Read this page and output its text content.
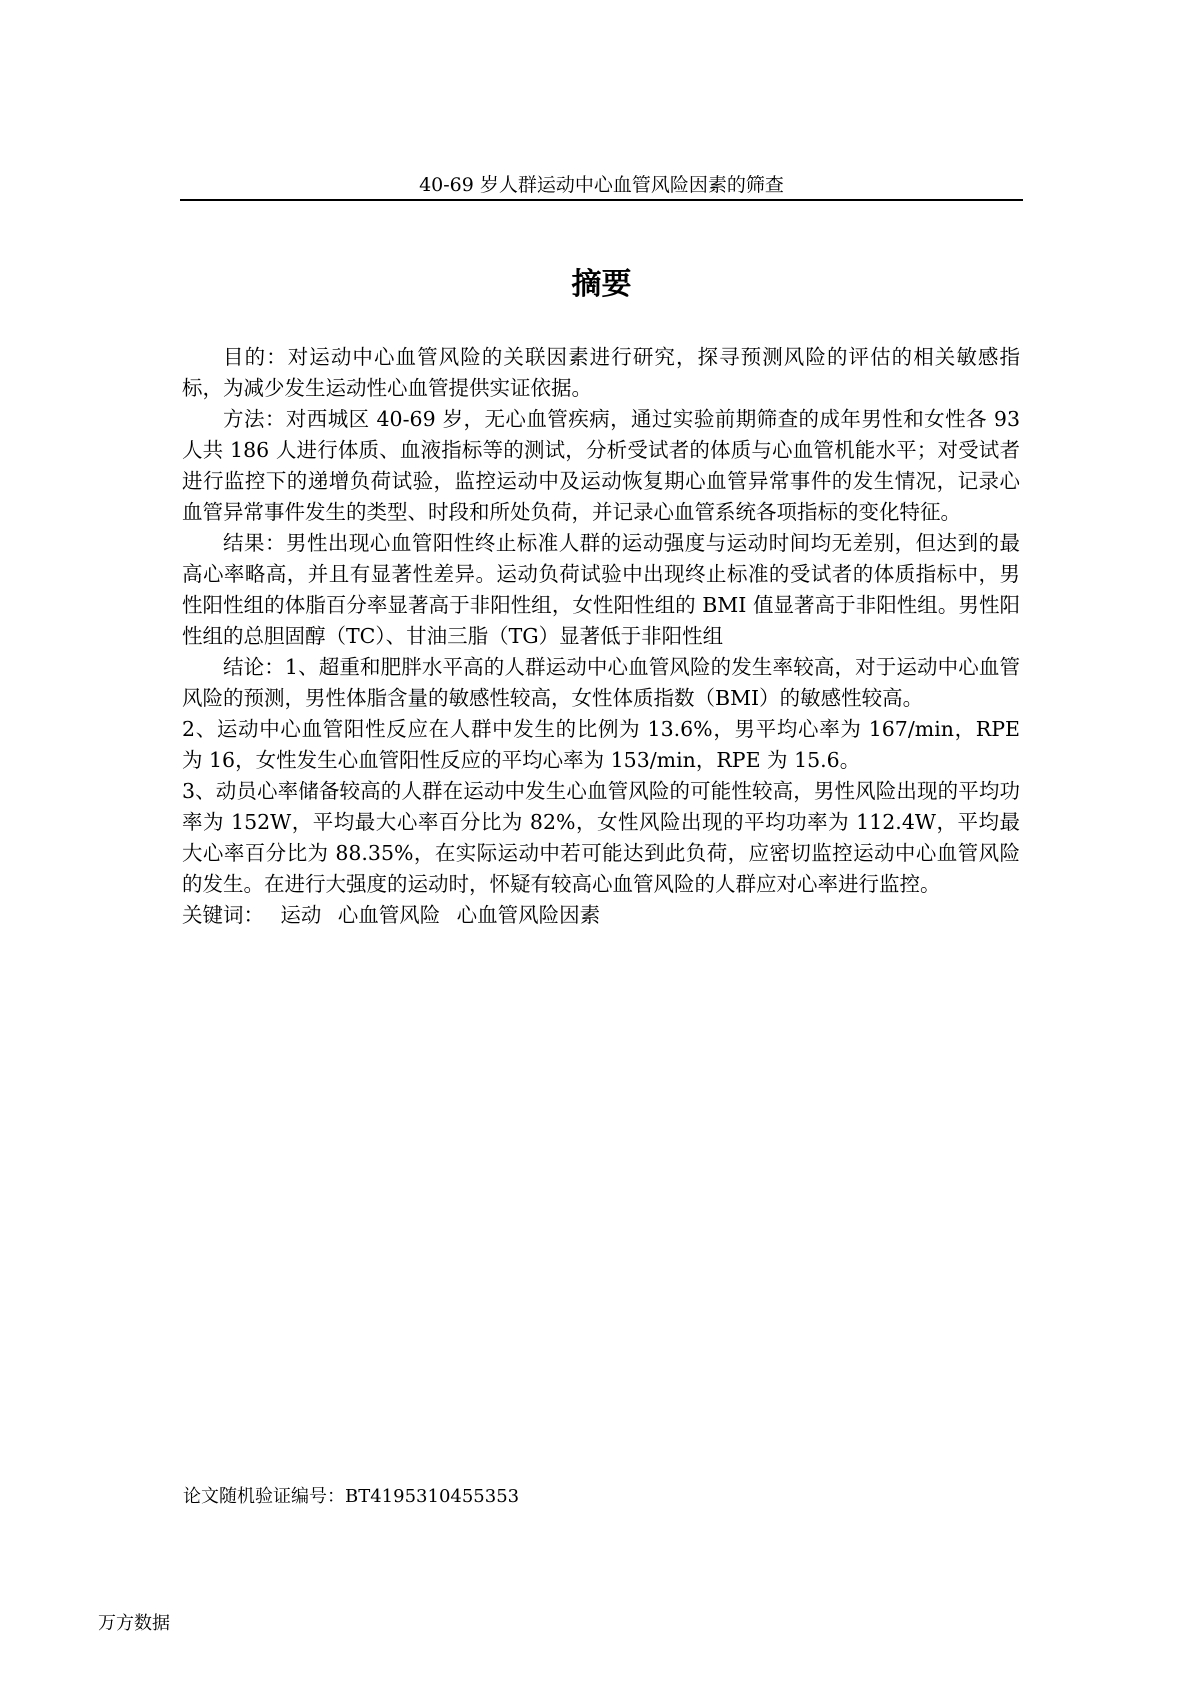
40-69 岁人群运动中心血管风险因素的筛查
摘要

目的：对运动中心血管风险的关联因素进行研究，探寻预测风险的评估的相关敏感指标，为减少发生运动性心血管提供实证依据。

方法：对西城区 40-69 岁，无心血管疾病，通过实验前期筛查的成年男性和女性各 93 人共 186 人进行体质、血液指标等的测试，分析受试者的体质与心血管机能水平；对受试者进行监控下的递增负荷试验，监控运动中及运动恢复期心血管异常事件的发生情况，记录心血管异常事件发生的类型、时段和所处负荷，并记录心血管系统各项指标的变化特征。

结果：男性出现心血管阳性终止标准人群的运动强度与运动时间均无差别，但达到的最高心率略高，并且有显著性差异。运动负荷试验中出现终止标准的受试者的体质指标中，男性阳性组的体脂百分率显著高于非阳性组，女性阳性组的 BMI 值显著高于非阳性组。男性阳性组的总胆固醇（TC）、甘油三脂（TG）显著低于非阳性组

结论：1、超重和肥胖水平高的人群运动中心血管风险的发生率较高，对于运动中心血管风险的预测，男性体脂含量的敏感性较高，女性体质指数（BMI）的敏感性较高。

2、运动中心血管阳性反应在人群中发生的比例为 13.6%，男平均心率为 167/min，RPE 为 16，女性发生心血管阳性反应的平均心率为 153/min，RPE 为 15.6。

3、动员心率储备较高的人群在运动中发生心血管风险的可能性较高，男性风险出现的平均功率为 152W，平均最大心率百分比为 82%，女性风险出现的平均功率为 112.4W，平均最大心率百分比为 88.35%，在实际运动中若可能达到此负荷，应密切监控运动中心血管风险的发生。在进行大强度的运动时，怀疑有较高心血管风险的人群应对心率进行监控。

关键词： 运动 心血管风险 心血管风险因素

论文随机验证编号：BT4195310455353
万方数据
